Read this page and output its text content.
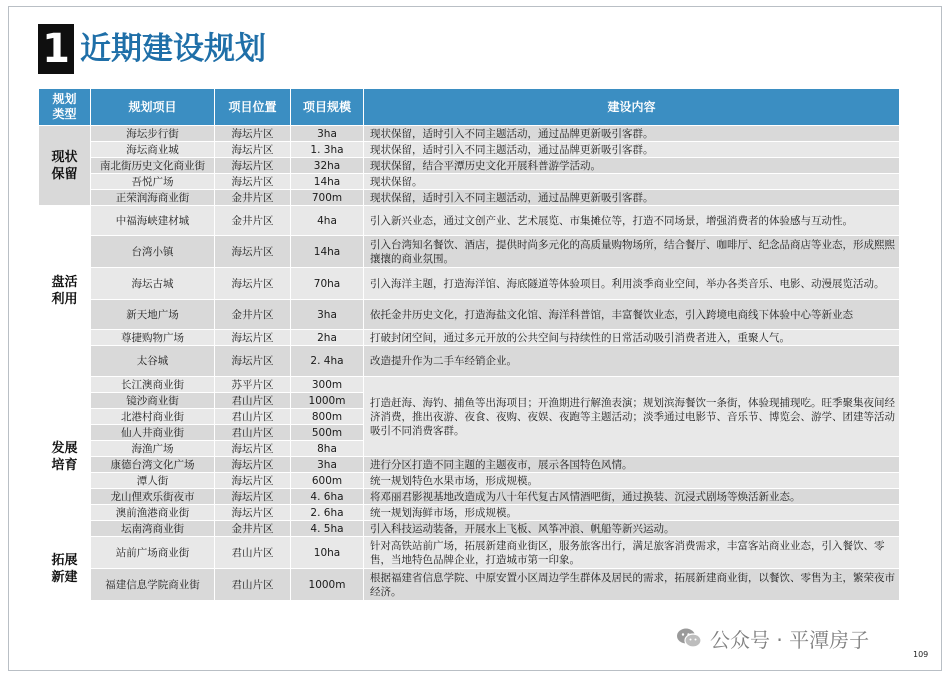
1 近期建设规划
规划类型	规划项目	项目位置	项目规模	建设内容
现状保留	海坛步行街	海坛片区	3ha	现状保留，适时引入不同主题活动，通过品牌更新吸引客群。
	海坛商业城	海坛片区	1. 3ha	现状保留，适时引入不同主题活动，通过品牌更新吸引客群。
	南北街历史文化商业街	海坛片区	32ha	现状保留，结合平潭历史文化开展科普游学活动。
	吾悦广场	海坛片区	14ha	现状保留。
	正荣润海商业街	金井片区	700m	现状保留，适时引入不同主题活动，通过品牌更新吸引客群。
盘活利用	中福海峡建材城	金井片区	4ha	引入新兴业态，通过文创产业、艺术展览、市集摊位等，打造不同场景，增强消费者的体验感与互动性。
	台湾小镇	海坛片区	14ha	引入台湾知名餐饮、酒店，提供时尚多元化的高质量购物场所，结合餐厅、咖啡厅、纪念品商店等业态，形成熙熙攘攘的商业氛围。
	海坛古城	海坛片区	70ha	引入海洋主题，打造海洋馆、海底隧道等体验项目。利用淡季商业空间，举办各类音乐、电影、动漫展览活动。
	新天地广场	金井片区	3ha	依托金井历史文化，打造海盐文化馆、海洋科普馆，丰富餐饮业态，引入跨境电商线下体验中心等新业态
	尊捷购物广场	海坛片区	2ha	打破封闭空间，通过多元开放的公共空间与持续性的日常活动吸引消费者进入，重聚人气。
	太谷城	海坛片区	2. 4ha	改造提升作为二手车经销企业。
发展培育	长江澳商业街	苏平片区	300m	打造赶海、海钓、捕鱼等出海项目；开渔期进行解渔表演；规划滨海餐饮一条街，体验现捕现吃。旺季聚集夜间经济消费，推出夜游、夜食、夜购、夜娱、夜跑等主题活动；淡季通过电影节、音乐节、博览会、游学、团建等活动吸引不同消费客群。
	镜沙商业街	君山片区	1000m	
	北港村商业街	君山片区	800m	
	仙人井商业街	君山片区	500m	
	海渔广场	海坛片区	8ha	
	康德台湾文化广场	海坛片区	3ha	进行分区打造不同主题的主题夜市，展示各国特色风情。
	潭人街	海坛片区	600m	统一规划特色水果市场，形成规模。
	龙山俚欢乐街夜市	海坛片区	4. 6ha	将邓丽君影视基地改造成为八十年代复古风情酒吧街，通过换装、沉浸式剧场等焕活新业态。
	澳前渔港商业街	海坛片区	2. 6ha	统一规划海鲜市场，形成规模。
	坛南湾商业街	金井片区	4. 5ha	引入科技运动装备，开展水上飞板、风筝冲浪、帆船等新兴运动。
拓展新建	站前广场商业街	君山片区	10ha	针对高铁站前广场，拓展新建商业街区，服务旅客出行，满足旅客消费需求，丰富客站商业业态，引入餐饮、零售，当地特色品牌企业，打造城市第一印象。
	福建信息学院商业街	君山片区	1000m	根据福建省信息学院、中原安置小区周边学生群体及居民的需求，拓展新建商业街，以餐饮、零售为主，繁荣夜市经济。
公众号 · 平潭房子
109
